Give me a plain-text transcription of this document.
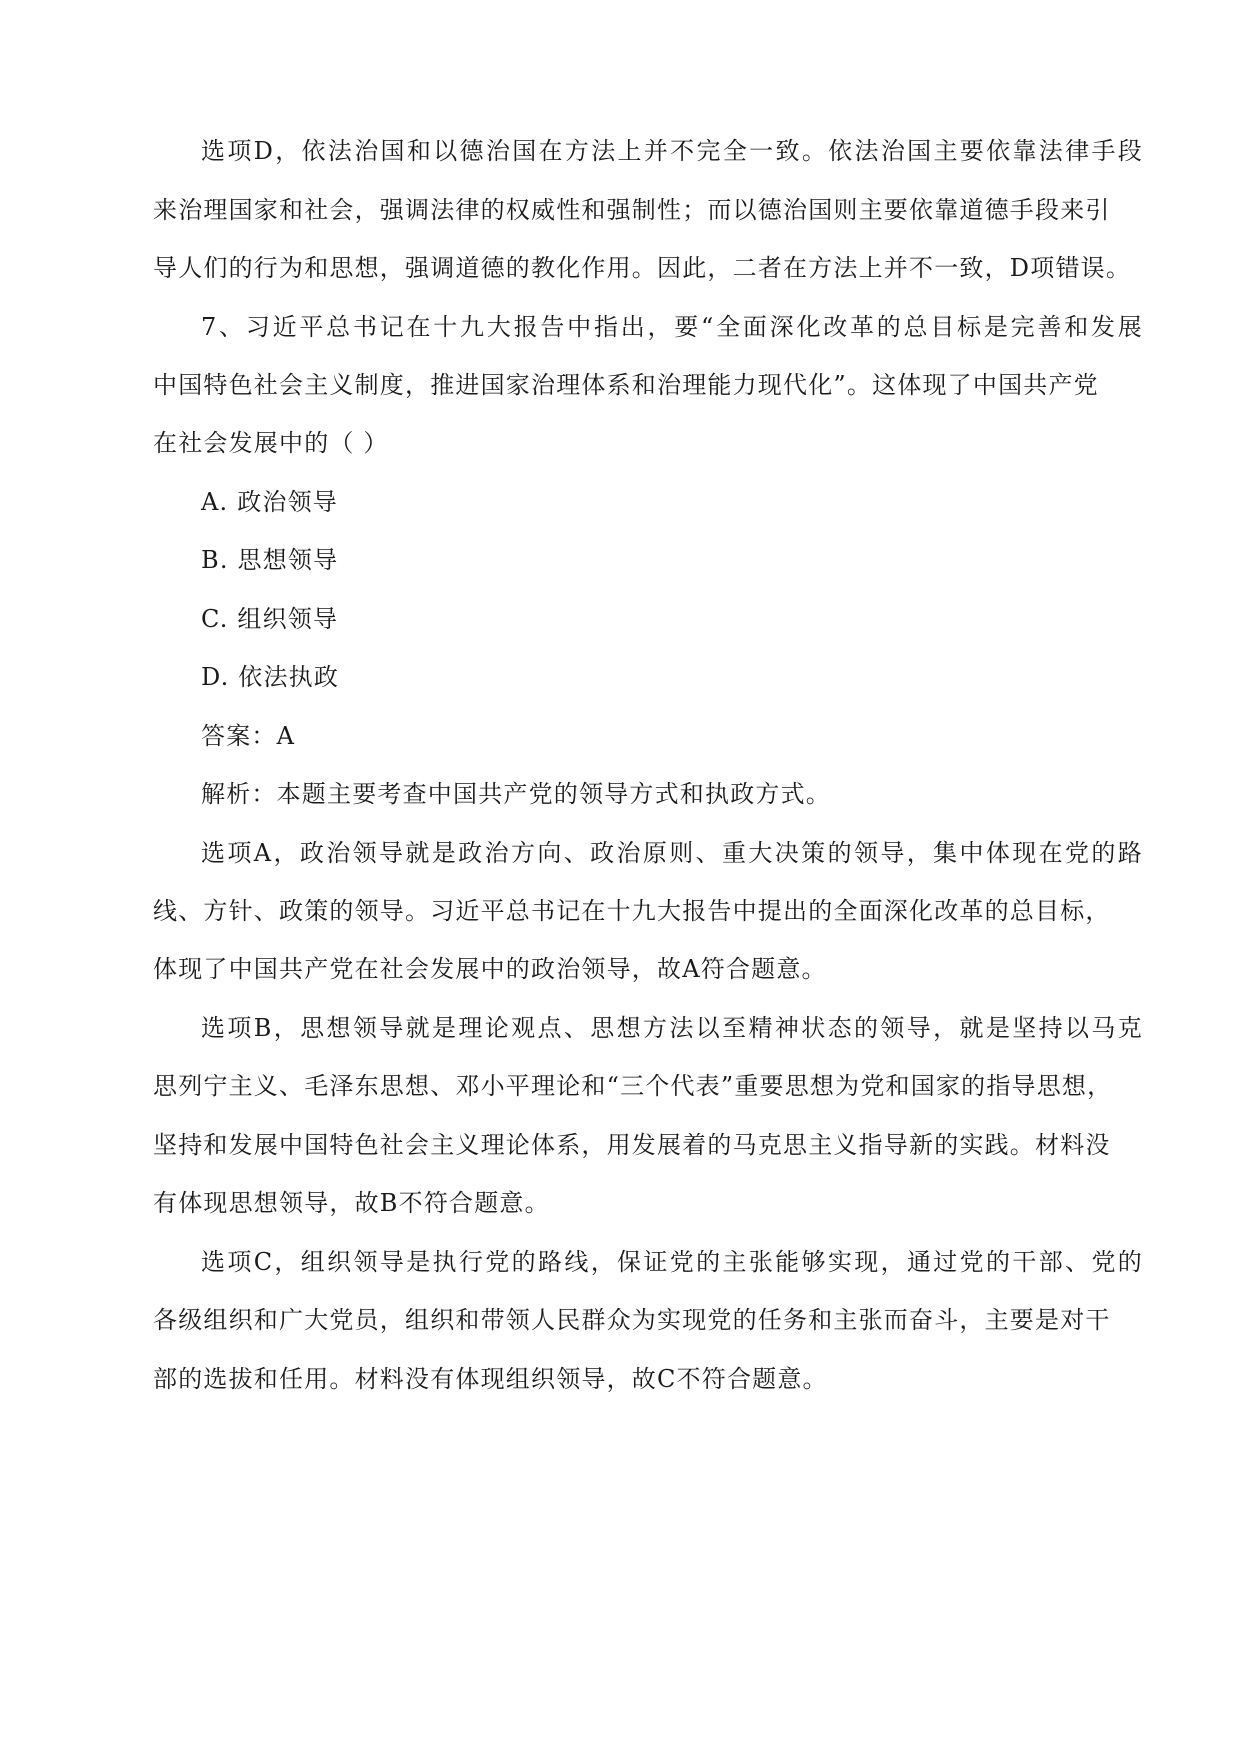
选项D，依法治国和以德治国在方法上并不完全一致。依法治国主要依靠法律手段
来治理国家和社会，强调法律的权威性和强制性；而以德治国则主要依靠道德手段来引
导人们的行为和思想，强调道德的教化作用。因此，二者在方法上并不一致，D项错误。
7、习近平总书记在十九大报告中指出，要“全面深化改革的总目标是完善和发展
中国特色社会主义制度，推进国家治理体系和治理能力现代化”。这体现了中国共产党
在社会发展中的（ ）
A. 政治领导
B. 思想领导
C. 组织领导
D. 依法执政
答案：A
解析：本题主要考查中国共产党的领导方式和执政方式。
选项A，政治领导就是政治方向、政治原则、重大决策的领导，集中体现在党的路
线、方针、政策的领导。习近平总书记在十九大报告中提出的全面深化改革的总目标，
体现了中国共产党在社会发展中的政治领导，故A符合题意。
选项B，思想领导就是理论观点、思想方法以至精神状态的领导，就是坚持以马克
思列宁主义、毛泽东思想、邓小平理论和“三个代表”重要思想为党和国家的指导思想，
坚持和发展中国特色社会主义理论体系，用发展着的马克思主义指导新的实践。材料没
有体现思想领导，故B不符合题意。
选项C，组织领导是执行党的路线，保证党的主张能够实现，通过党的干部、党的
各级组织和广大党员，组织和带领人民群众为实现党的任务和主张而奋斗，主要是对干
部的选拔和任用。材料没有体现组织领导，故C不符合题意。
